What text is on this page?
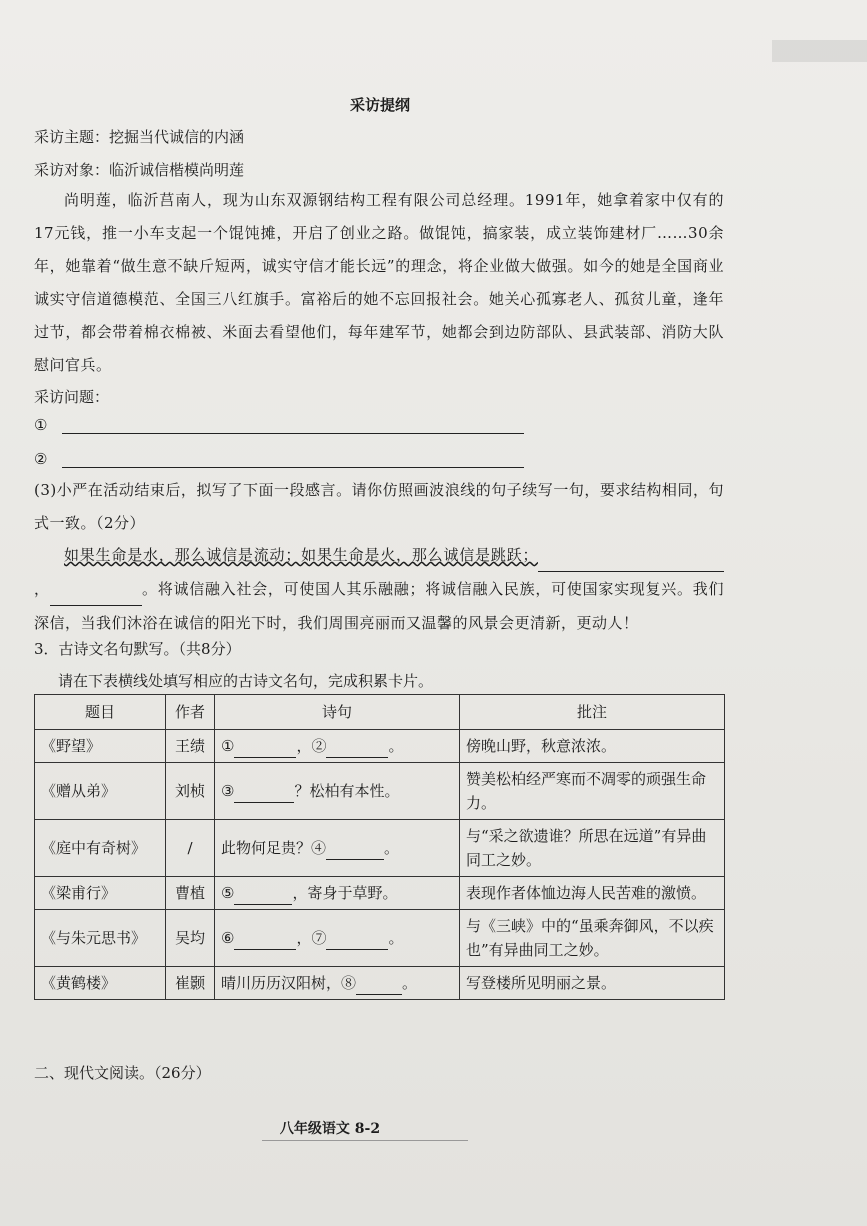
采访提纲
采访主题：挖掘当代诚信的内涵
采访对象：临沂诚信楷模尚明莲
尚明莲，临沂莒南人，现为山东双源钢结构工程有限公司总经理。1991年，她拿着家中仅有的17元钱，推一小车支起一个馄饨摊，开启了创业之路。做馄饨，搞家装，成立装饰建材厂……30余年，她靠着“做生意不缺斤短两，诚实守信才能长远”的理念，将企业做大做强。如今的她是全国商业诚实守信道德模范、全国三八红旗手。富裕后的她不忘回报社会。她关心孤寡老人、孤贫儿童，逢年过节，都会带着棉衣棉被、米面去看望他们，每年建军节，她都会到边防部队、县武装部、消防大队慰问官兵。
采访问题：
①
②
(3)小严在活动结束后，拟写了下面一段感言。请你仿照画波浪线的句子续写一句，要求结构相同，句式一致。（2分）
如果生命是水，那么诚信是流动；如果生命是火，那么诚信是跳跃；，	。将诚信融入社会，可使国人其乐融融；将诚信融入民族，可使国家实现复兴。我们深信，当我们沐浴在诚信的阳光下时，我们周围亮丽而又温馨的风景会更清新，更动人！
3．古诗文名句默写。（共8分）
请在下表横线处填写相应的古诗文名句，完成积累卡片。
题目	作者	诗句	批注
《野望》	王绩	① ，② 。	傍晚山野，秋意浓浓。
《赠从弟》	刘桢	③ ？松柏有本性。	赞美松柏经严寒而不凋零的顽强生命力。
《庭中有奇树》	/	此物何足贵？④ 。	与“采之欲遗谁？所思在远道”有异曲同工之妙。
《梁甫行》	曹植	⑤ ，寄身于草野。	表现作者体恤边海人民苦难的激愤。
《与朱元思书》	吴均	⑥ ，⑦ 。	与《三峡》中的“虽乘奔御风，不以疾也”有异曲同工之妙。
《黄鹤楼》	崔颢	晴川历历汉阳树，⑧ 。	写登楼所见明丽之景。
二、现代文阅读。（26分）
八年级语文 8-2
